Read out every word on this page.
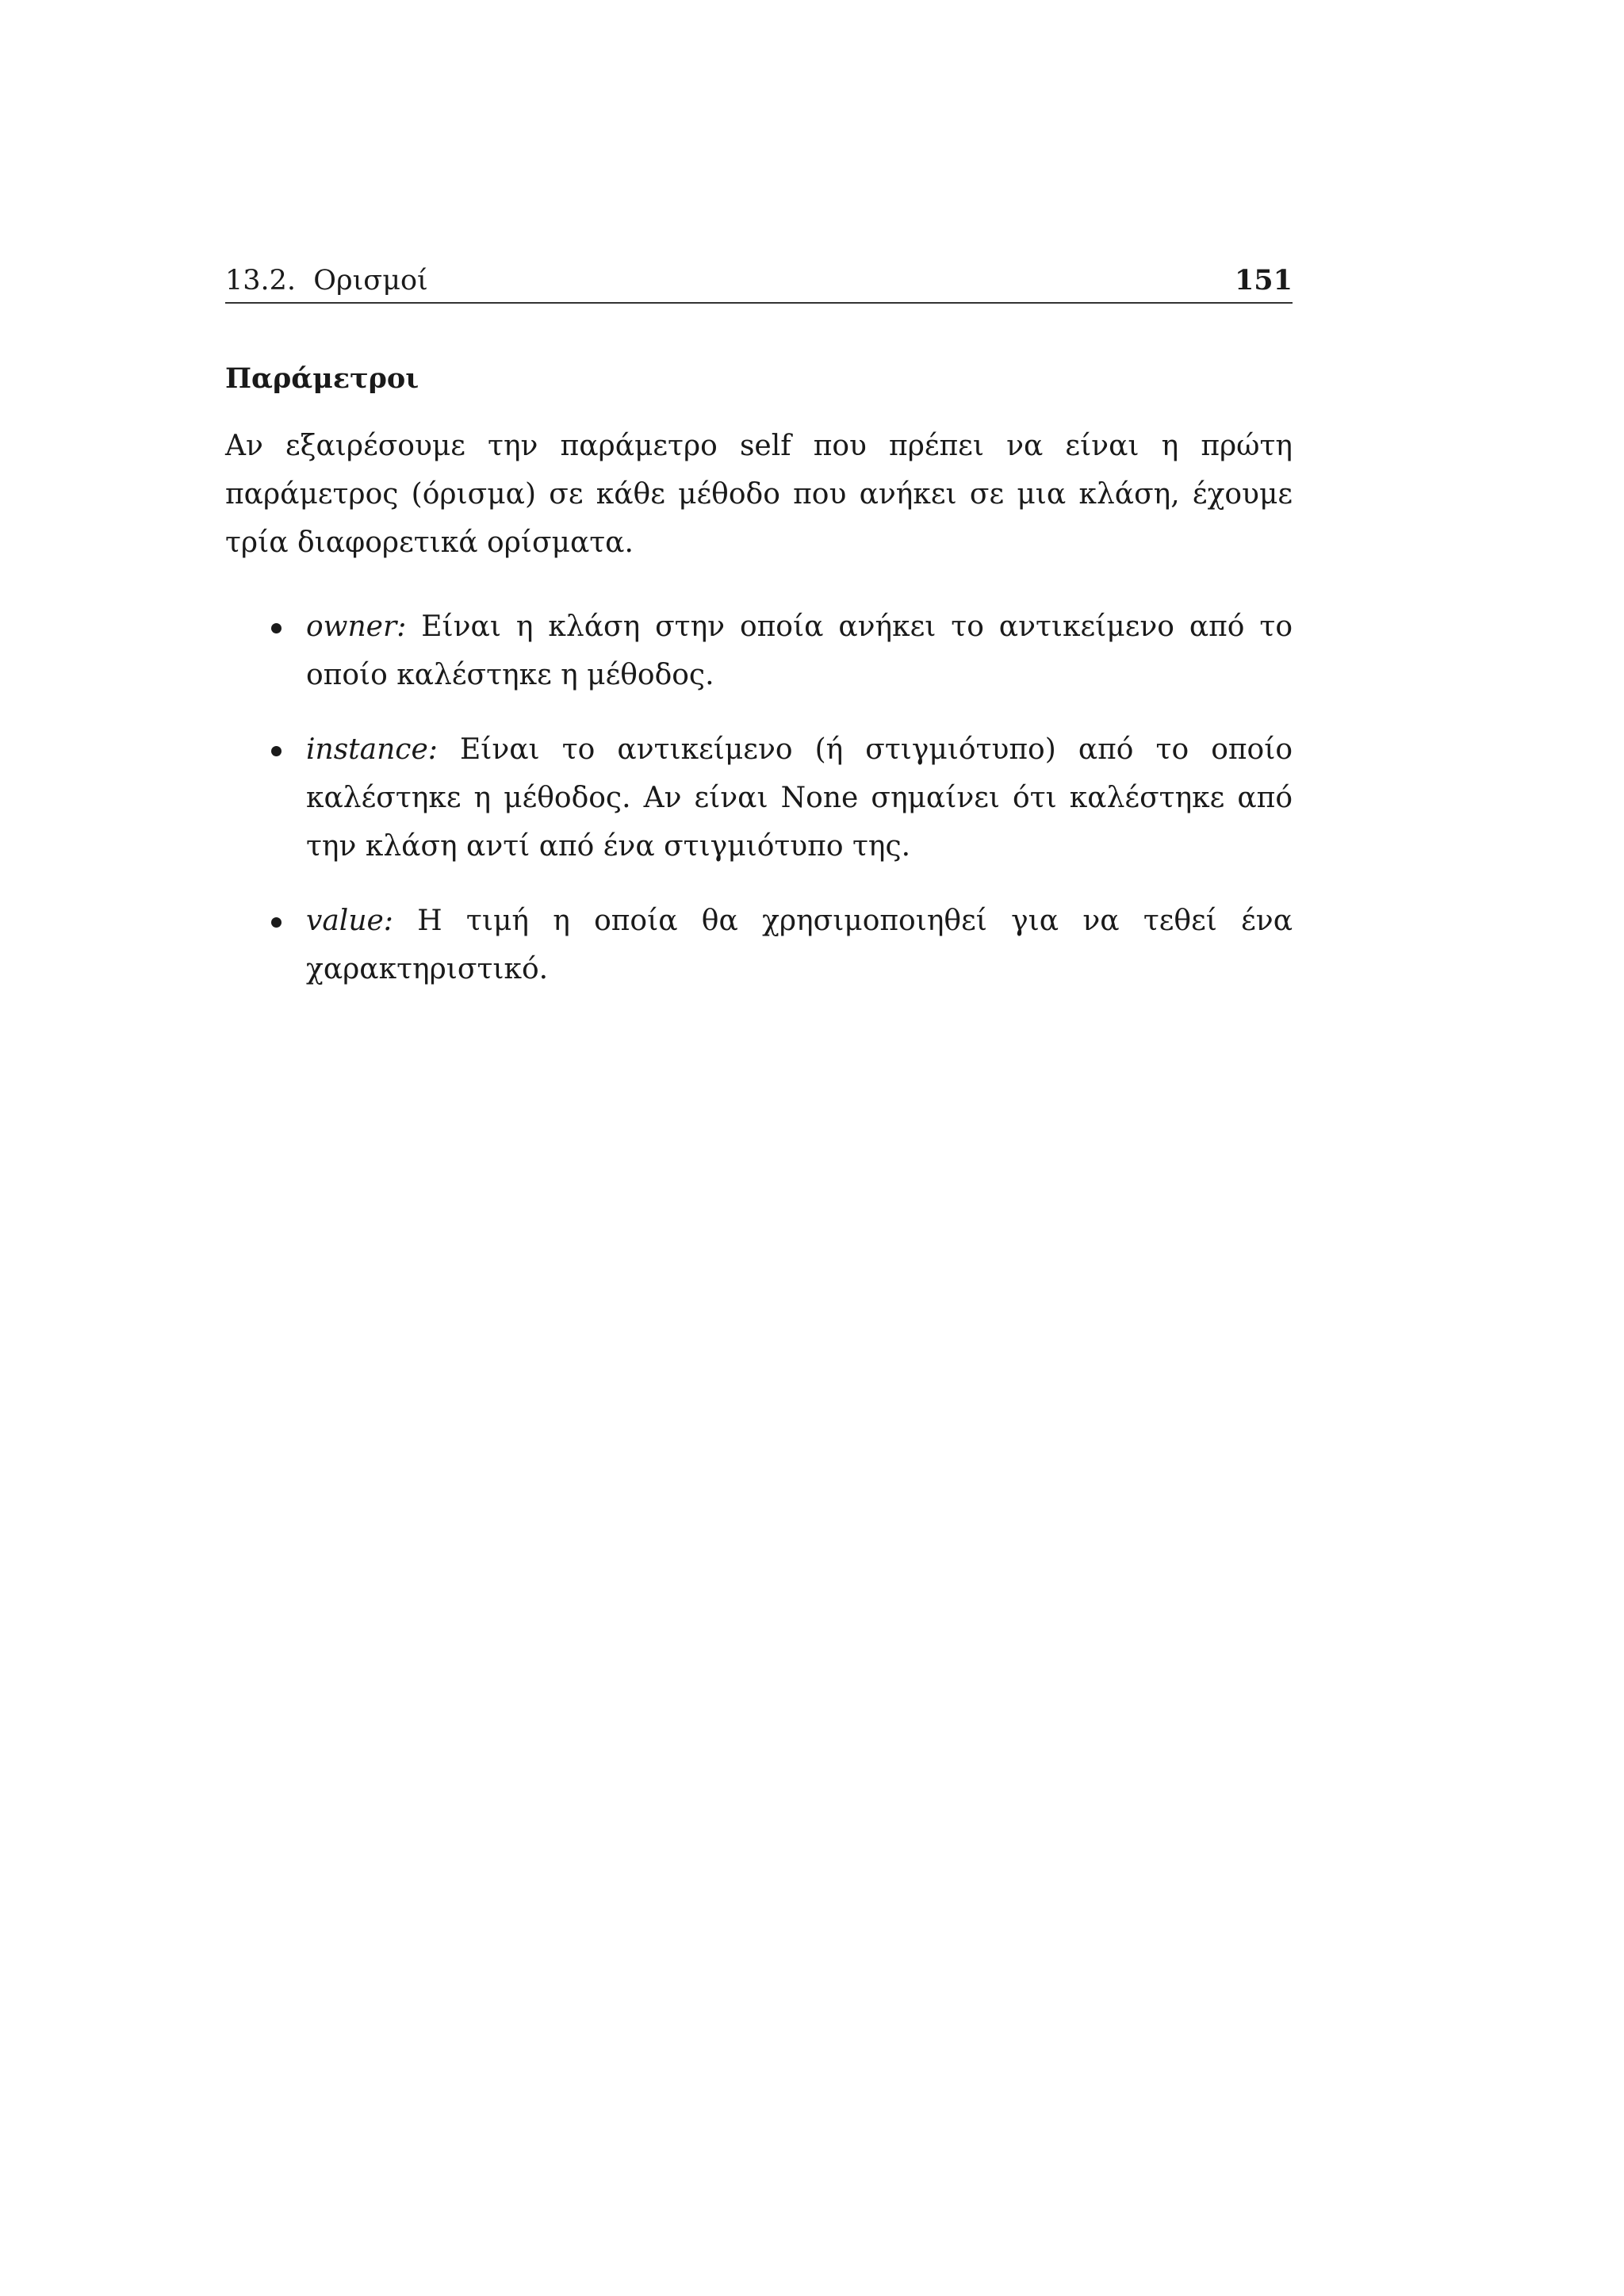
13.2.  Ορισμοί	151
Παράμετροι

Αν εξαιρέσουμε την παράμετρο self που πρέπει να είναι η πρώτη παράμετρος (όρισμα) σε κάθε μέθοδο που ανήκει σε μια κλάση, έχουμε τρία διαφορετικά ορίσματα.

owner: Είναι η κλάση στην οποία ανήκει το αντικείμενο από το οποίο καλέστηκε η μέθοδος.
instance: Είναι το αντικείμενο (ή στιγμιότυπο) από το οποίο καλέστηκε η μέθοδος. Αν είναι None σημαίνει ότι καλέστηκε από την κλάση αντί από ένα στιγμιότυπο της.
value: Η τιμή η οποία θα χρησιμοποιηθεί για να τεθεί ένα χαρακτηριστικό.
